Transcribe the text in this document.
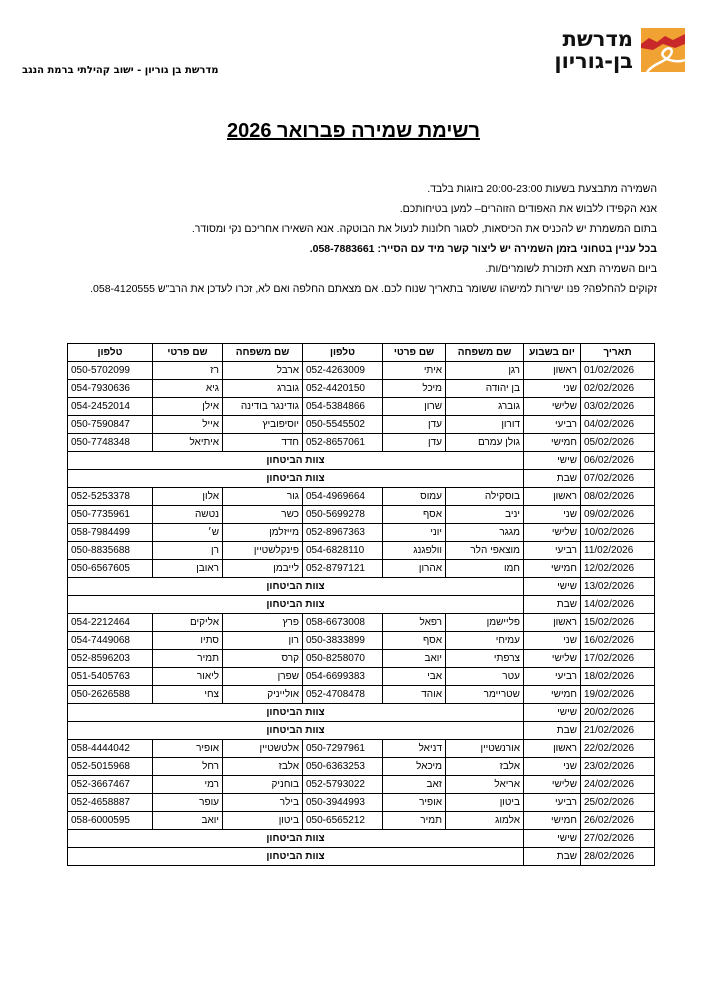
מדרשת
בן-גוריון
מדרשת בן גוריון - ישוב קהילתי ברמת הנגב
רשימת שמירה פברואר 2026

השמירה מתבצעת בשעות 20:00-23:00 בזוגות בלבד.

אנא הקפידו ללבוש את האפודים הזוהרים– למען בטיחותכם.

בתום המשמרת יש להכניס את הכיסאות, לסגור חלונות לנעול את הבוטקה. אנא השאירו אחריכם נקי ומסודר.

בכל עניין בטחוני בזמן השמירה יש ליצור קשר מיד עם הסייר: 058-7883661.

ביום השמירה תצא תזכורת לשומרים/ות.

זקוקים להחלפה? פנו ישירות למישהו ששומר בתאריך שנוח לכם. אם מצאתם החלפה ואם לא, זכרו לעדכן את הרב"ש 058-4120555.

תאריך	יום בשבוע	שם משפחה	שם פרטי	טלפון	שם משפחה	שם פרטי	טלפון
01/02/2026	ראשון	רגן	איתי	052-4263009	ארבל	רז	050-5702099
02/02/2026	שני	בן יהודה	מיכל	052-4420150	גוברג	גיא	054-7930636
03/02/2026	שלישי	גוברג	שרון	054-5384866	גודינגר בודינה	אילן	054-2452014
04/02/2026	רביעי	דורון	עדן	050-5545502	יוסיפוביץ	אייל	050-7590847
05/02/2026	חמישי	גולן עמרם	עדן	052-8657061	חדד	איתיאל	050-7748348
06/02/2026	שישי	צוות הביטחון					
07/02/2026	שבת	צוות הביטחון					
08/02/2026	ראשון	בוסקילה	עמוס	054-4969664	גור	אלון	052-5253378
09/02/2026	שני	יניב	אסף	050-5699278	כשר	נטשה	050-7735961
10/02/2026	שלישי	מגגר	יוני	052-8967363	מייזלמן	ש׳	058-7984499
11/02/2026	רביעי	מוצאפי הלר	וולפגנג	054-6828110	פינקלשטיין	רן	050-8835688
12/02/2026	חמישי	חמו	אהרון	052-8797121	לייבמן	ראובן	050-6567605
13/02/2026	שישי	צוות הביטחון					
14/02/2026	שבת	צוות הביטחון					
15/02/2026	ראשון	פליישמן	רפאל	058-6673008	פרץ	אליקים	054-2212464
16/02/2026	שני	עמיחי	אסף	050-3833899	רון	סתיו	054-7449068
17/02/2026	שלישי	צרפתי	יואב	050-8258070	קרס	תמיר	052-8596203
18/02/2026	רביעי	עטר	אבי	054-6699383	שפרן	ליאור	051-5405763
19/02/2026	חמישי	שטריימר	אוהד	052-4708478	אולייניק	צחי	050-2626588
20/02/2026	שישי	צוות הביטחון					
21/02/2026	שבת	צוות הביטחון					
22/02/2026	ראשון	אורנשטיין	דניאל	050-7297961	אלטשטיין	אופיר	058-4444042
23/02/2026	שני	אלבז	מיכאל	050-6363253	אלבז	רחל	052-5015968
24/02/2026	שלישי	אריאל	זאב	052-5793022	בוחניק	רמי	052-3667467
25/02/2026	רביעי	ביטון	אופיר	050-3944993	בילר	עופר	052-4658887
26/02/2026	חמישי	אלמוג	תמיר	050-6565212	ביטון	יואב	058-6000595
27/02/2026	שישי	צוות הביטחון					
28/02/2026	שבת	צוות הביטחון					
